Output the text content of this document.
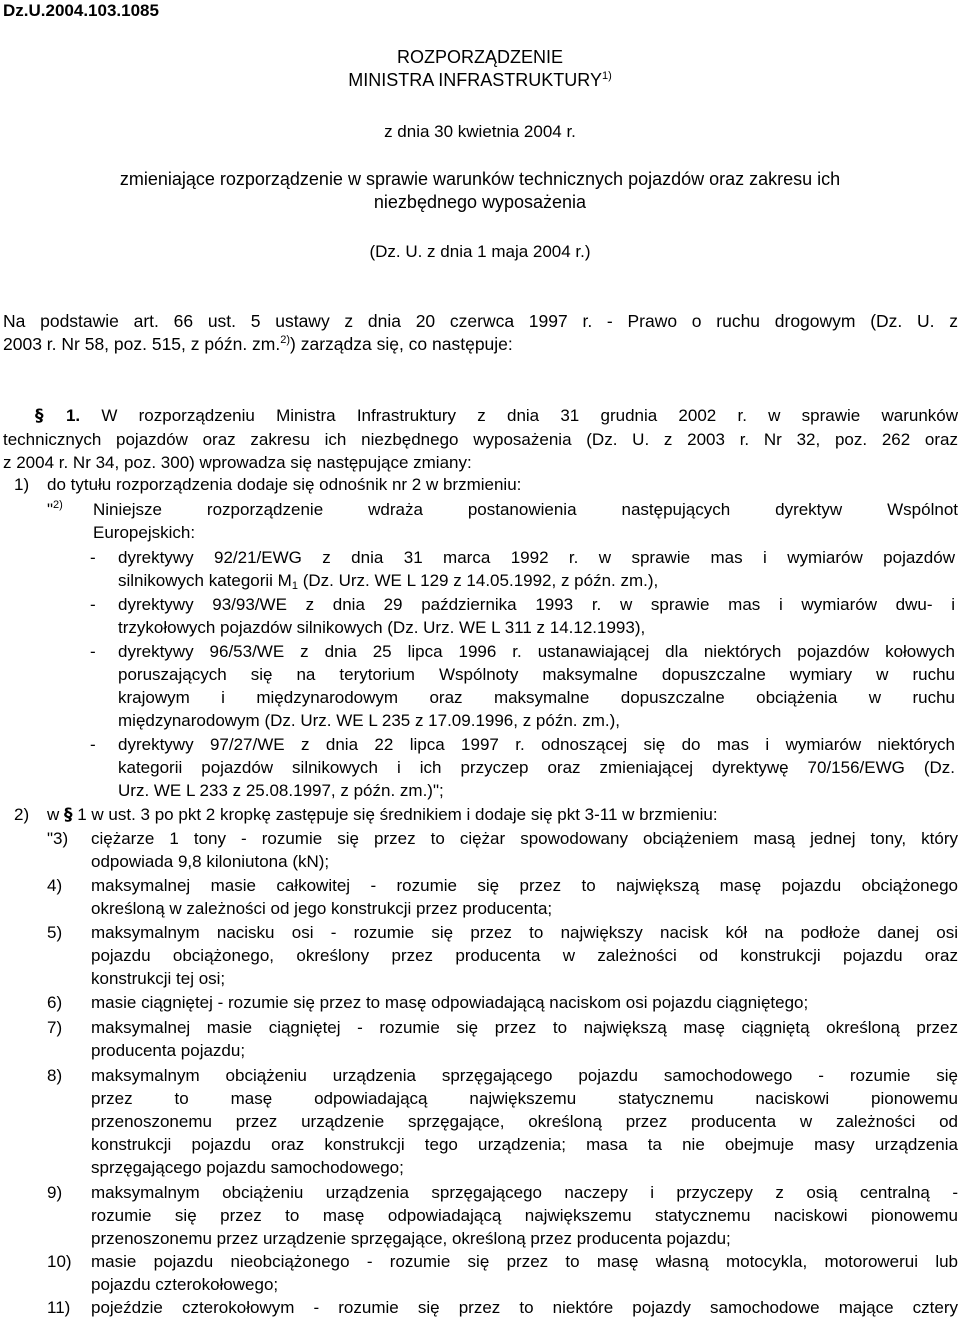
Dz.U.2004.103.1085
ROZPORZĄDZENIE
MINISTRA INFRASTRUKTURY$^{1)}$
z dnia 30 kwietnia 2004 r.
zmieniające rozporządzenie w sprawie warunków technicznych pojazdów oraz zakresu ich
niezbędnego wyposażenia
(Dz. U. z dnia 1 maja 2004 r.)
Na podstawie art. 66 ust. 5 ustawy z dnia 20 czerwca 1997 r. - Prawo o ruchu drogowym (Dz. U. z
2003 r. Nr 58, poz. 515, z późn. zm.$^{2)}$) zarządza się, co następuje:
§ 1. W rozporządzeniu Ministra Infrastruktury z dnia 31 grudnia 2002 r. w sprawie warunków
technicznych pojazdów oraz zakresu ich niezbędnego wyposażenia (Dz. U. z 2003 r. Nr 32, poz. 262 oraz
z 2004 r. Nr 34, poz. 300) wprowadza się następujące zmiany:
1) do tytułu rozporządzenia dodaje się odnośnik nr 2 w brzmieniu:
"$^{2)}$ Niniejsze rozporządzenie wdraża postanowienia następujących dyrektyw Wspólnot
Europejskich:
- dyrektywy 92/21/EWG z dnia 31 marca 1992 r. w sprawie mas i wymiarów pojazdów
silnikowych kategorii $M_1$ (Dz. Urz. WE L 129 z 14.05.1992, z późn. zm.),
- dyrektywy 93/93/WE z dnia 29 października 1993 r. w sprawie mas i wymiarów dwu- i
trzykołowych pojazdów silnikowych (Dz. Urz. WE L 311 z 14.12.1993),
- dyrektywy 96/53/WE z dnia 25 lipca 1996 r. ustanawiającej dla niektórych pojazdów kołowych
poruszających się na terytorium Wspólnoty maksymalne dopuszczalne wymiary w ruchu
krajowym i międzynarodowym oraz maksymalne dopuszczalne obciążenia w ruchu
międzynarodowym (Dz. Urz. WE L 235 z 17.09.1996, z późn. zm.),
- dyrektywy 97/27/WE z dnia 22 lipca 1997 r. odnoszącej się do mas i wymiarów niektórych
kategorii pojazdów silnikowych i ich przyczep oraz zmieniającej dyrektywę 70/156/EWG (Dz.
Urz. WE L 233 z 25.08.1997, z późn. zm.)";
2) w § 1 w ust. 3 po pkt 2 kropkę zastępuje się średnikiem i dodaje się pkt 3-11 w brzmieniu:
"3) ciężarze 1 tony - rozumie się przez to ciężar spowodowany obciążeniem masą jednej tony, który
odpowiada 9,8 kiloniutona (kN);
4) maksymalnej masie całkowitej - rozumie się przez to największą masę pojazdu obciążonego
określoną w zależności od jego konstrukcji przez producenta;
5) maksymalnym nacisku osi - rozumie się przez to największy nacisk kół na podłoże danej osi
pojazdu obciążonego, określony przez producenta w zależności od konstrukcji pojazdu oraz
konstrukcji tej osi;
6) masie ciągniętej - rozumie się przez to masę odpowiadającą naciskom osi pojazdu ciągniętego;
7) maksymalnej masie ciągniętej - rozumie się przez to największą masę ciągniętą określoną przez
producenta pojazdu;
8) maksymalnym obciążeniu urządzenia sprzęgającego pojazdu samochodowego - rozumie się
przez to masę odpowiadającą największemu statycznemu naciskowi pionowemu
przenoszonemu przez urządzenie sprzęgające, określoną przez producenta w zależności od
konstrukcji pojazdu oraz konstrukcji tego urządzenia; masa ta nie obejmuje masy urządzenia
sprzęgającego pojazdu samochodowego;
9) maksymalnym obciążeniu urządzenia sprzęgającego naczepy i przyczepy z osią centralną -
rozumie się przez to masę odpowiadającą największemu statycznemu naciskowi pionowemu
przenoszonemu przez urządzenie sprzęgające, określoną przez producenta pojazdu;
10) masie pojazdu nieobciążonego - rozumie się przez to masę własną motocykla, motorowerui lub
pojazdu czterokołowego;
11) pojeździe czterokołowym - rozumie się przez to niektóre pojazdy samochodowe mające cztery
